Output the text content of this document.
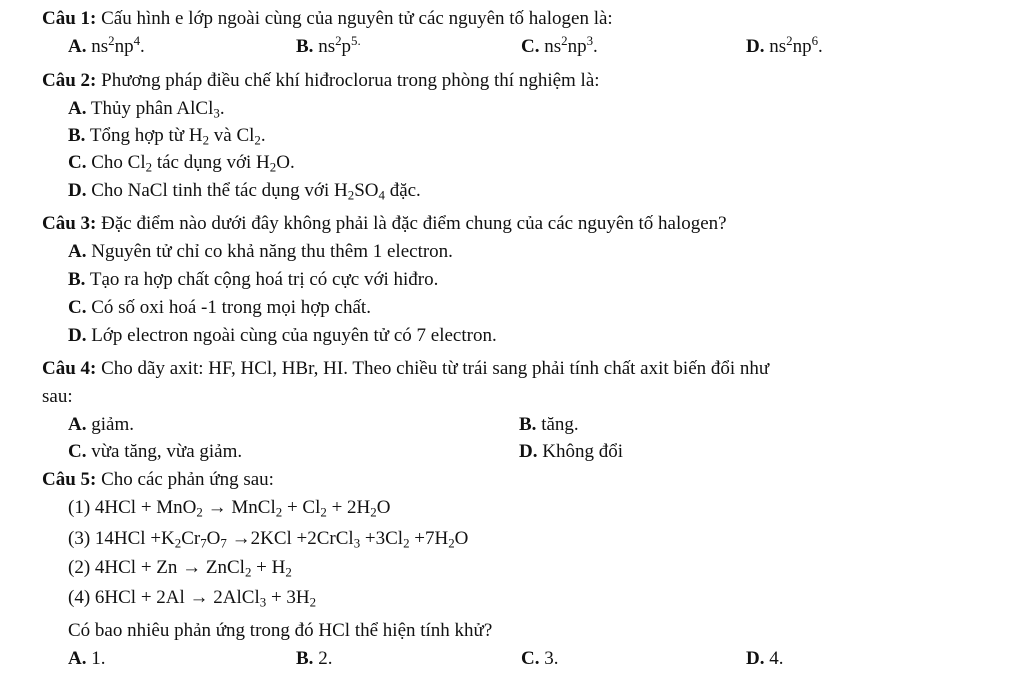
Câu 1: Cấu hình e lớp ngoài cùng của nguyên tử các nguyên tố halogen là:
A. $ns^2np^4$.	B. $ns^2p^{5.}$	C. $ns^2np^3$.	D. $ns^2np^6$.
Câu 2: Phương pháp điều chế khí hiđroclorua trong phòng thí nghiệm là:
A. Thủy phân AlCl$_3$.
B. Tổng hợp từ $H_2$ và $Cl_2$.
C. Cho $Cl_2$ tác dụng với $H_2O$.
D. Cho NaCl tinh thể tác dụng với $H_2SO_4$ đặc.
Câu 3: Đặc điểm nào dưới đây không phải là đặc điểm chung của các nguyên tố halogen?
A. Nguyên tử chỉ co khả năng thu thêm 1 electron.
B. Tạo ra hợp chất cộng hoá trị có cực với hiđro.
C. Có số oxi hoá -1 trong mọi hợp chất.
D. Lớp electron ngoài cùng của nguyên tử có 7 electron.
Câu 4: Cho dãy axit: HF, HCl, HBr, HI. Theo chiều từ trái sang phải tính chất axit biến đổi như
sau:
A. giảm.	B. tăng.
C. vừa tăng, vừa giảm.	D. Không đổi
Câu 5: Cho các phản ứng sau:
(1) 4HCl + MnO$_2$ → MnCl$_2$ + $Cl_2 + 2H_2O$
(3) $14HCl +K_2Cr_7O_7 \to 2KCl$ +2CrCl$_3$ $+3Cl_2 +7H_2O$
(2) 4HCl + Zn → ZnCl$_2$ + $H_2$
(4) 6HCl + 2Al → 2AlCl$_3$ + $3H_2$
Có bao nhiêu phản ứng trong đó HCl thể hiện tính khử?
A. 1.	B. 2.	C. 3.	D. 4.
